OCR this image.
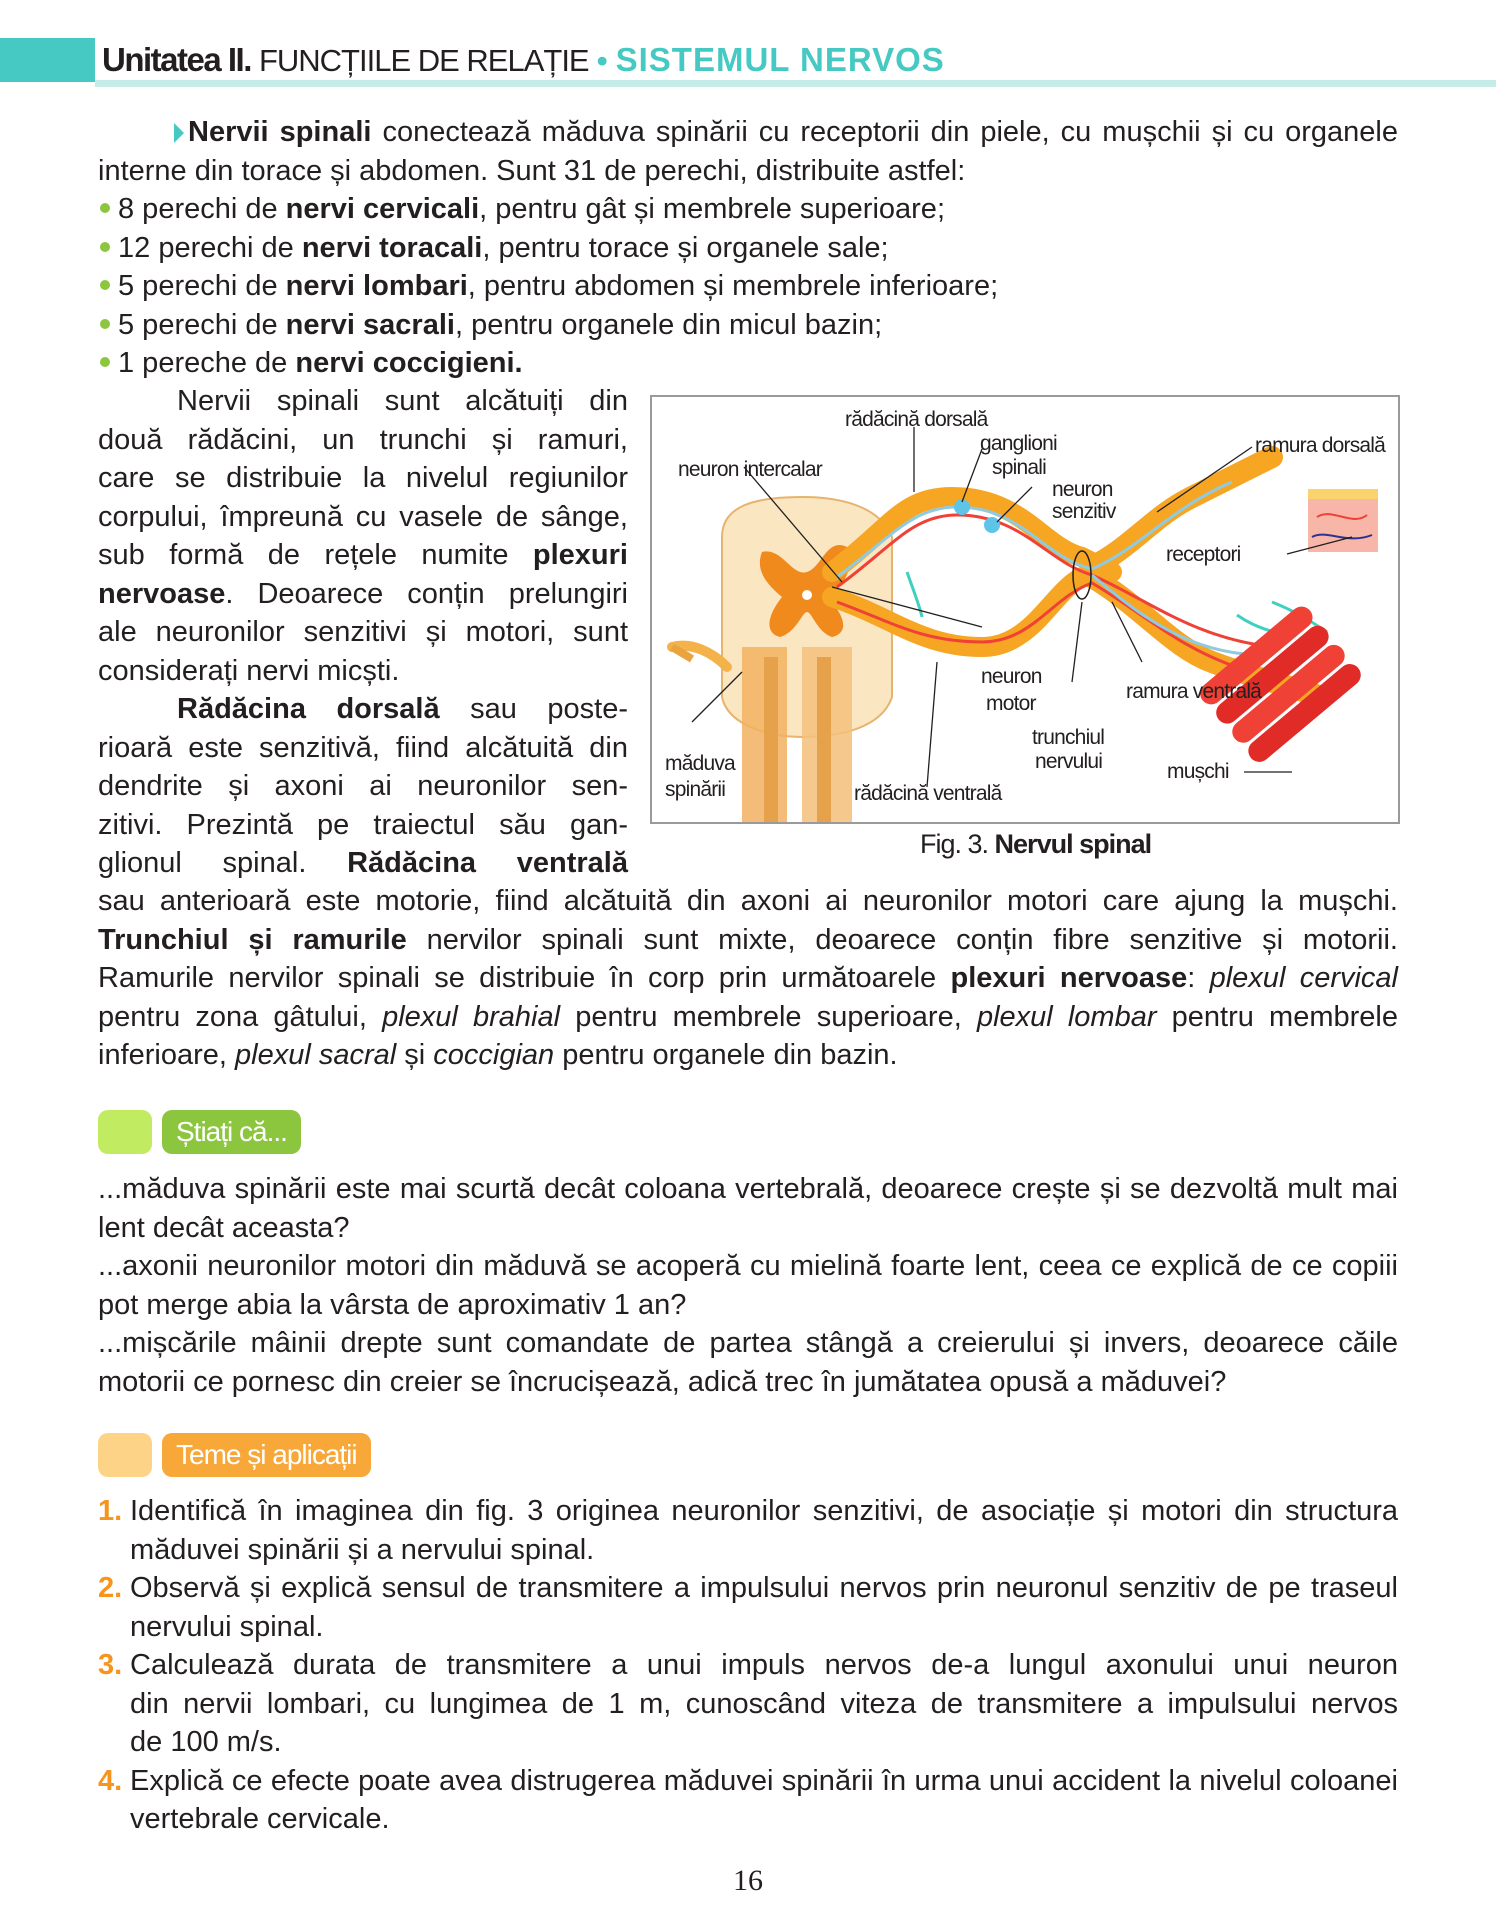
Unitatea II. FUNCȚIILE DE RELAȚIE • SISTEMUL NERVOS
Nervii spinali conectează măduva spinării cu receptorii din piele, cu mușchii și cu organele
interne din torace și abdomen. Sunt 31 de perechi, distribuite astfel:
8 perechi de nervi cervicali, pentru gât și membrele superioare;
12 perechi de nervi toracali, pentru torace și organele sale;
5 perechi de nervi lombari, pentru abdomen și membrele inferioare;
5 perechi de nervi sacrali, pentru organele din micul bazin;
1 pereche de nervi coccigieni.
Nervii spinali sunt alcătuiți din
două rădăcini, un trunchi și ramuri,
care se distribuie la nivelul regiunilor
corpului, împreună cu vasele de sânge,
sub formă de rețele numite plexuri
nervoase. Deoarece conțin prelungiri
ale neuronilor senzitivi și motori, sunt
considerați nervi micști.
Rădăcina dorsală sau poste-
rioară este senzitivă, fiind alcătuită din
dendrite și axoni ai neuronilor sen-
zitivi. Prezintă pe traiectul său gan-
glionul spinal. Rădăcina ventrală
rădăcină dorsală
ganglioni
spinali
neuron
senzitiv
ramura dorsală
neuron intercalar
receptori
neuron
motor
ramura ventrală
trunchiul
nervului
măduva
spinării
mușchi
rădăcină ventrală
Fig. 3. Nervul spinal
sau anterioară este motorie, fiind alcătuită din axoni ai neuronilor motori care ajung la mușchi.
Trunchiul și ramurile nervilor spinali sunt mixte, deoarece conțin fibre senzitive și motorii.
Ramurile nervilor spinali se distribuie în corp prin următoarele plexuri nervoase: plexul cervical
pentru zona gâtului, plexul brahial pentru membrele superioare, plexul lombar pentru membrele
inferioare, plexul sacral și coccigian pentru organele din bazin.
Știați că...
...măduva spinării este mai scurtă decât coloana vertebrală, deoarece crește și se dezvoltă mult mai
lent decât aceasta?
...axonii neuronilor motori din măduvă se acoperă cu mielină foarte lent, ceea ce explică de ce copiii
pot merge abia la vârsta de aproximativ 1 an?
...mișcările mâinii drepte sunt comandate de partea stângă a creierului și invers, deoarece căile
motorii ce pornesc din creier se încrucișează, adică trec în jumătatea opusă a măduvei?
Teme și aplicații
1. Identifică în imaginea din fig. 3 originea neuronilor senzitivi, de asociație și motori din structura
măduvei spinării și a nervului spinal.
2. Observă și explică sensul de transmitere a impulsului nervos prin neuronul senzitiv de pe traseul
nervului spinal.
3. Calculează durata de transmitere a unui impuls nervos de-a lungul axonului unui neuron
din nervii lombari, cu lungimea de 1 m, cunoscând viteza de transmitere a impulsului nervos
de 100 m/s.
4. Explică ce efecte poate avea distrugerea măduvei spinării în urma unui accident la nivelul coloanei
vertebrale cervicale.
16
